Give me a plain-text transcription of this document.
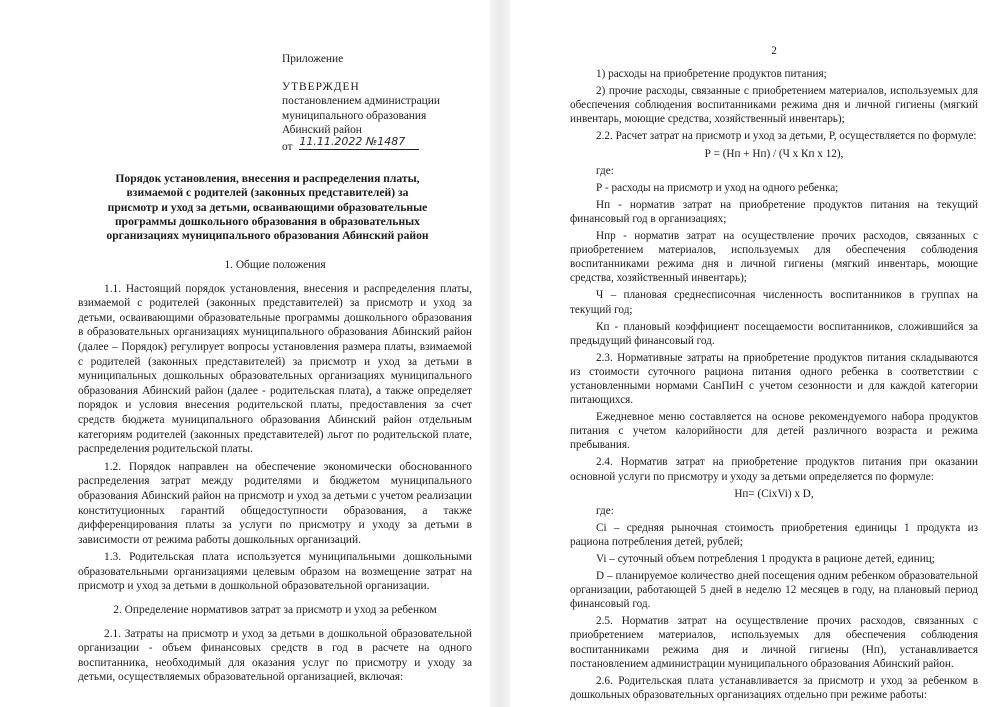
Приложение

УТВЕРЖДЕН

постановлением администрации

муниципального образования

Абинский район

от 11.11.2022 №1487

Порядок установления, внесения и распределения платы, взимаемой с родителей (законных представителей) за присмотр и уход за детьми, осваивающими образовательные программы дошкольного образования в образовательных организациях муниципального образования Абинский район

1. Общие положения

1.1. Настоящий порядок установления, внесения и распределения платы, взимаемой с родителей (законных представителей) за присмотр и уход за детьми, осваивающими образовательные программы дошкольного образования в образовательных организациях муниципального образования Абинский район (далее – Порядок) регулирует вопросы установления размера платы, взимаемой с родителей (законных представителей) за присмотр и уход за детьми в муниципальных дошкольных образовательных организациях муниципального образования Абинский район (далее - родительская плата), а также определяет порядок и условия внесения родительской платы, предоставления за счет средств бюджета муниципального образования Абинский район отдельным категориям родителей (законных представителей) льгот по родительской плате, распределения родительской платы.

1.2. Порядок направлен на обеспечение экономически обоснованного распределения затрат между родителями и бюджетом муниципального образования Абинский район на присмотр и уход за детьми с учетом реализации конституционных гарантий общедоступности образования, а также дифференцирования платы за услуги по присмотру и уходу за детьми в зависимости от режима работы дошкольных организаций.

1.3. Родительская плата используется муниципальными дошкольными образовательными организациями целевым образом на возмещение затрат на присмотр и уход за детьми в дошкольной образовательной организации.

2. Определение нормативов затрат за присмотр и уход за ребенком

2.1. Затраты на присмотр и уход за детьми в дошкольной образовательной организации - объем финансовых средств в год в расчете на одного воспитанника, необходимый для оказания услуг по присмотру и уходу за детьми, осуществляемых образовательной организацией, включая:

2

1) расходы на приобретение продуктов питания;

2) прочие расходы, связанные с приобретением материалов, используемых для обеспечения соблюдения воспитанниками режима дня и личной гигиены (мягкий инвентарь, моющие средства, хозяйственный инвентарь);

2.2. Расчет затрат на присмотр и уход за детьми, Р, осуществляется по формуле:

Р = (Нп + Нп) / (Ч х Кп х 12),

где:

Р - расходы на присмотр и уход на одного ребенка;

Нп - норматив затрат на приобретение продуктов питания на текущий финансовый год в организациях;

Нпр - норматив затрат на осуществление прочих расходов, связанных с приобретением материалов, используемых для обеспечения соблюдения воспитанниками режима дня и личной гигиены (мягкий инвентарь, моющие средства, хозяйственный инвентарь);

Ч – плановая среднесписочная численность воспитанников в группах на текущий год;

Кп - плановый коэффициент посещаемости воспитанников, сложившийся за предыдущий финансовый год.

2.3. Нормативные затраты на приобретение продуктов питания складываются из стоимости суточного рациона питания одного ребенка в соответствии с установленными нормами СанПиН с учетом сезонности и для каждой категории питающихся.

Ежедневное меню составляется на основе рекомендуемого набора продуктов питания с учетом калорийности для детей различного возраста и режима пребывания.

2.4. Норматив затрат на приобретение продуктов питания при оказании основной услуги по присмотру и уходу за детьми определяется по формуле:

Нп= (СiхVi) х D,

где:

Сi – средняя рыночная стоимость приобретения единицы 1 продукта из рациона потребления детей, рублей;

Vi – суточный объем потребления 1 продукта в рационе детей, единиц;

D – планируемое количество дней посещения одним ребенком образовательной организации, работающей 5 дней в неделю 12 месяцев в году, на плановый период финансовый год.

2.5. Норматив затрат на осуществление прочих расходов, связанных с приобретением материалов, используемых для обеспечения соблюдения воспитанниками режима дня и личной гигиены (Нп), устанавливается постановлением администрации муниципального образования Абинский район.

2.6. Родительская плата устанавливается за присмотр и уход за ребенком в дошкольных образовательных организациях отдельно при режиме работы:
